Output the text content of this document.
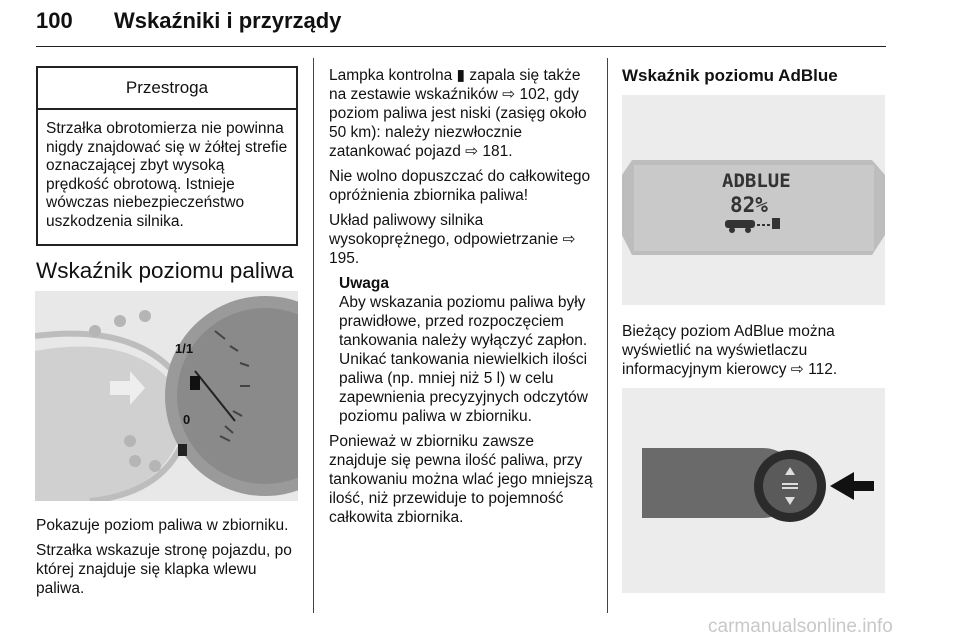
100 Wskaźniki i przyrządy
Przestroga
Strzałka obrotomierza nie powinna nigdy znajdować się w żółtej strefie oznaczającej zbyt wysoką prędkość obrotową. Istnieje wówczas niebezpieczeństwo uszkodzenia silnika.
Wskaźnik poziomu paliwa
1/1
0

Pokazuje poziom paliwa w zbiorniku.

Strzałka wskazuje stronę pojazdu, po której znajduje się klapka wlewu paliwa.

Lampka kontrolna ▮ zapala się także na zestawie wskaźników ⇨ 102, gdy poziom paliwa jest niski (zasięg około 50 km): należy niezwłocznie zatankować pojazd ⇨ 181.

Nie wolno dopuszczać do całkowitego opróżnienia zbiornika paliwa!

Układ paliwowy silnika wysokoprężnego, odpowietrzanie ⇨ 195.

Uwaga

Aby wskazania poziomu paliwa były prawidłowe, przed rozpoczęciem tankowania należy wyłączyć zapłon. Unikać tankowania niewielkich ilości paliwa (np. mniej niż 5 l) w celu zapewnienia precyzyjnych odczytów poziomu paliwa w zbiorniku.

Ponieważ w zbiorniku zawsze znajduje się pewna ilość paliwa, przy tankowaniu można wlać jego mniejszą ilość, niż przewiduje to pojemność całkowita zbiornika.

Wskaźnik poziomu AdBlue
ADBLUE
82%

Bieżący poziom AdBlue można wyświetlić na wyświetlaczu informacyjnym kierowcy ⇨ 112.

carmanualsonline.info
